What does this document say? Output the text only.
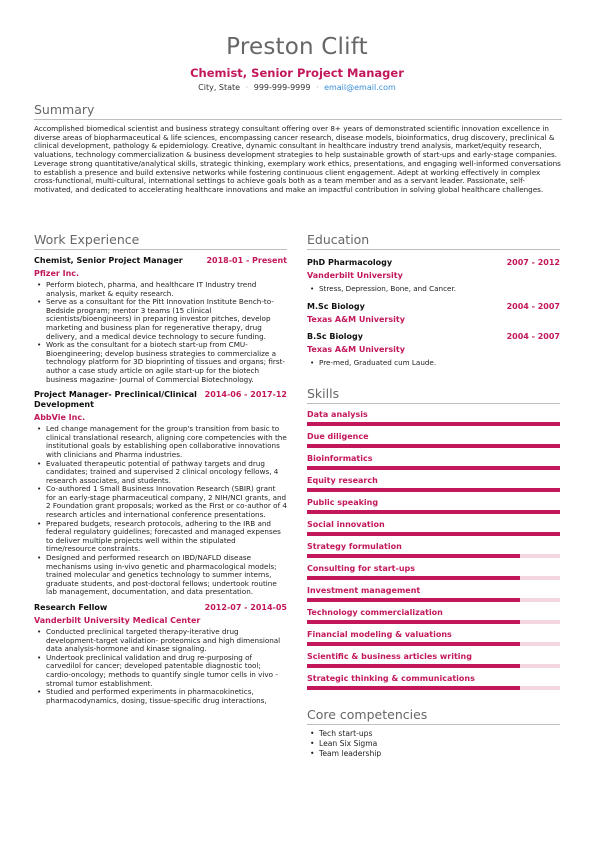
Preston Clift
Chemist, Senior Project Manager
City, State · 999-999-9999 · email@email.com
Summary

Accomplished biomedical scientist and business strategy consultant offering over 8+ years of demonstrated scientific innovation excellence in diverse areas of biopharmaceutical & life sciences, encompassing cancer research, disease models, bioinformatics, drug discovery, preclinical & clinical development, pathology & epidemiology. Creative, dynamic consultant in healthcare industry trend analysis, market/equity research, valuations, technology commercialization & business development strategies to help sustainable growth of start-ups and early-stage companies. Leverage strong quantitative/analytical skills, strategic thinking, exemplary work ethics, presentations, and engaging well-informed conversations to establish a presence and build extensive networks while fostering continuous client engagement. Adept at working effectively in complex cross-functional, multi-cultural, international settings to achieve goals both as a team member and as a servant leader. Passionate, self-motivated, and dedicated to accelerating healthcare innovations and make an impactful contribution in solving global healthcare challenges.

Work Experience
Chemist, Senior Project Manager	2018-01 - Present
Pfizer Inc.
• Perform biotech, pharma, and healthcare IT Industry trend analysis, market & equity research.
• Serve as a consultant for the Pitt Innovation Institute Bench-to-Bedside program; mentor 3 teams (15 clinical scientists/bioengineers) in preparing investor pitches, develop marketing and business plan for regenerative therapy, drug delivery, and a medical device technology to secure funding.
• Work as the consultant for a biotech start-up from CMU-Bioengineering; develop business strategies to commercialize a technology platform for 3D bioprinting of tissues and organs; first-author a case study article on agile start-up for the biotech business magazine- Journal of Commercial Biotechnology.
Project Manager- Preclinical/Clinical Development
2014-06 - 2017-12
AbbVie Inc.
• Led change management for the group's transition from basic to clinical translational research, aligning core competencies with the institutional goals by establishing open collaborative innovations with clinicians and Pharma industries.
• Evaluated therapeutic potential of pathway targets and drug candidates; trained and supervised 2 clinical oncology fellows, 4 research associates, and students.
• Co-authored 1 Small Business Innovation Research (SBIR) grant for an early-stage pharmaceutical company, 2 NIH/NCI grants, and 2 Foundation grant proposals; worked as the First or co-author of 4 research articles and international conference presentations.
• Prepared budgets, research protocols, adhering to the IRB and federal regulatory guidelines; forecasted and managed expenses to deliver multiple projects well within the stipulated time/resource constraints.
• Designed and performed research on IBD/NAFLD disease mechanisms using in-vivo genetic and pharmacological models; trained molecular and genetics technology to summer interns, graduate students, and post-doctoral fellows; undertook routine lab management, documentation, and data presentation.
Research Fellow	2012-07 - 2014-05
Vanderbilt University Medical Center
• Conducted preclinical targeted therapy-iterative drug development-target validation- proteomics and high dimensional data analysis-hormone and kinase signaling.
• Undertook preclinical validation and drug re-purposing of carvedilol for cancer; developed patentable diagnostic tool; cardio-oncology; methods to quantify single tumor cells in vivo - stromal tumor establishment.
• Studied and performed experiments in pharmacokinetics, pharmacodynamics, dosing, tissue-specific drug interactions,
Education
PhD Pharmacology	2007 - 2012
Vanderbilt University
• Stress, Depression, Bone, and Cancer.
M.Sc Biology	2004 - 2007
Texas A&M University
B.Sc Biology	2004 - 2007
Texas A&M University
• Pre-med, Graduated cum Laude.
Skills
Data analysis
Due diligence
Bioinformatics
Equity research
Public speaking
Social innovation
Strategy formulation
Consulting for start-ups
Investment management
Technology commercialization
Financial modeling & valuations
Scientific & business articles writing
Strategic thinking & communications
Core competencies
• Tech start-ups
• Lean Six Sigma
• Team leadership
